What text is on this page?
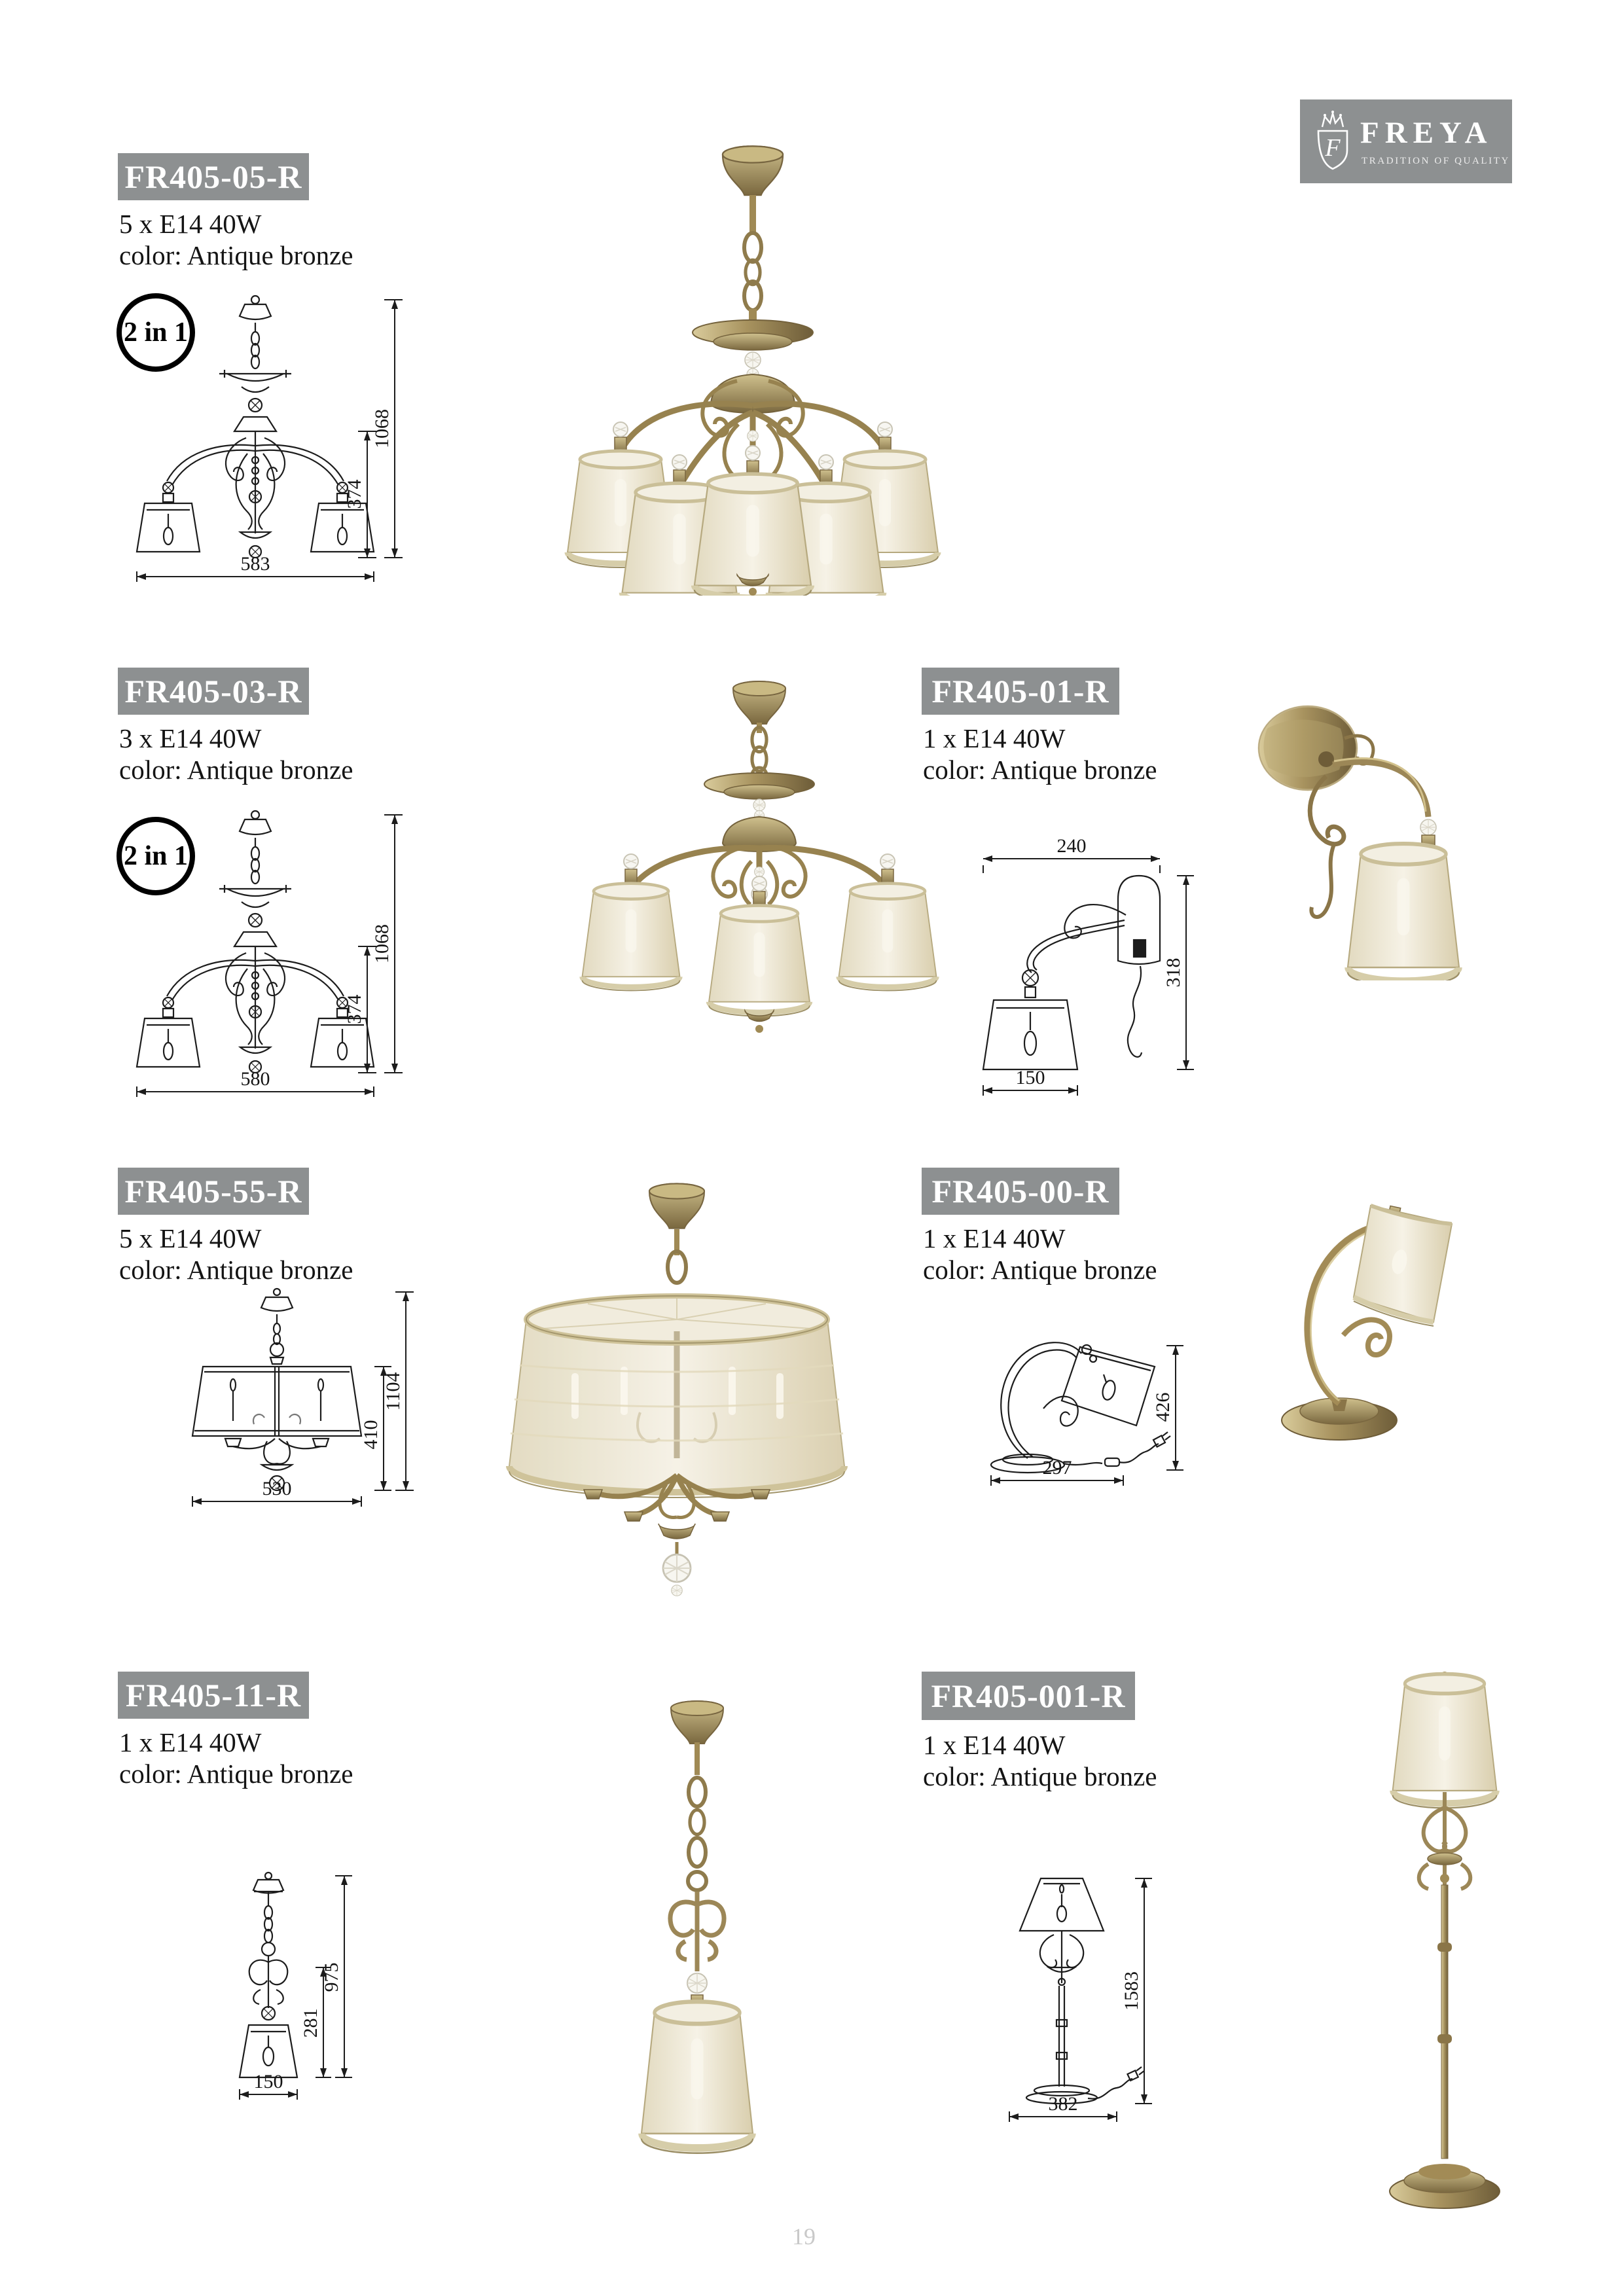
F FREYA
TRADITION OF QUALITY
FR405-05-R
5 x E14 40W
color: Antique bronze
2 in 1
1068
374
583
FR405-03-R
3 x E14 40W
color: Antique bronze
2 in 1
1068
374
580
FR405-01-R
1 x E14 40W
color: Antique bronze
240
318
150
FR405-55-R
5 x E14 40W
color: Antique bronze
1104
410
530
FR405-00-R
1 x E14 40W
color: Antique bronze
426
297
FR405-11-R
1 x E14 40W
color: Antique bronze
975
281
150
FR405-001-R
1 x E14 40W
color: Antique bronze
1583
382
19
